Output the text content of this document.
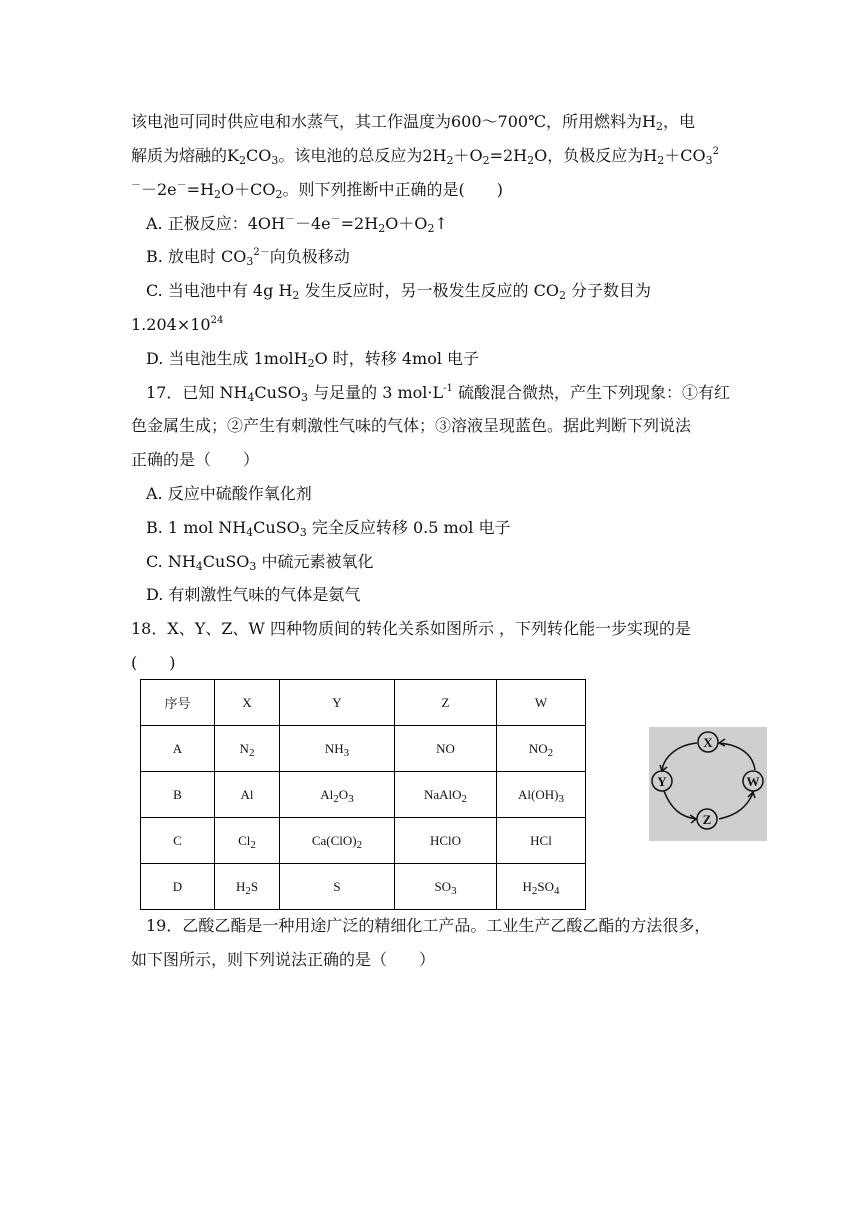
该电池可同时供应电和水蒸气，其工作温度为600～700℃，所用燃料为$H_2$，电
解质为熔融的$K_2CO_3$。该电池的总反应为$2H_2+O_2=2H_2O$，负极反应为$H_2+CO_3^2$
$^--2e^-=H_2O+CO_2$。则下列推断中正确的是(　　)
A. 正极反应：$4OH^--4e^-=2H_2O+O_2↑$
B. 放电时 $CO_3^{2-}$向负极移动
C. 当电池中有 4g $H_2$ 发生反应时，另一极发生反应的 $CO_2$ 分子数目为
$1.204\times 10^{24}$
D. 当电池生成 1molH$_2$O 时，转移 4mol 电子
17．已知 $NH_4CuSO_3$ 与足量的 3 $mol\cdot L^{-1}$ 硫酸混合微热，产生下列现象：①有红
色金属生成；②产生有刺激性气味的气体；③溶液呈现蓝色。据此判断下列说法
正确的是（　　）
A. 反应中硫酸作氧化剂
B. 1 mol $NH_4CuSO_3$ 完全反应转移 0.5 mol 电子
C. $NH_4CuSO_3$ 中硫元素被氧化
D. 有刺激性气味的气体是氨气
18．X、Y、Z、W 四种物质间的转化关系如图所示 ，下列转化能一步实现的是
(　　)
序号	X	Y	Z	W
A	$N_2$	$NH_3$	NO	$NO_2$
B	Al	$Al_2O_3$	NaAlO$_2$	$Al(OH)_3$
C	$Cl_2$	$Ca(ClO)_2$	HClO	HCl
D	$H_2S$	S	$SO_3$	$H_2SO_4$
X
Y
Z
W
19．乙酸乙酯是一种用途广泛的精细化工产品。工业生产乙酸乙酯的方法很多，
如下图所示，则下列说法正确的是（　　）
